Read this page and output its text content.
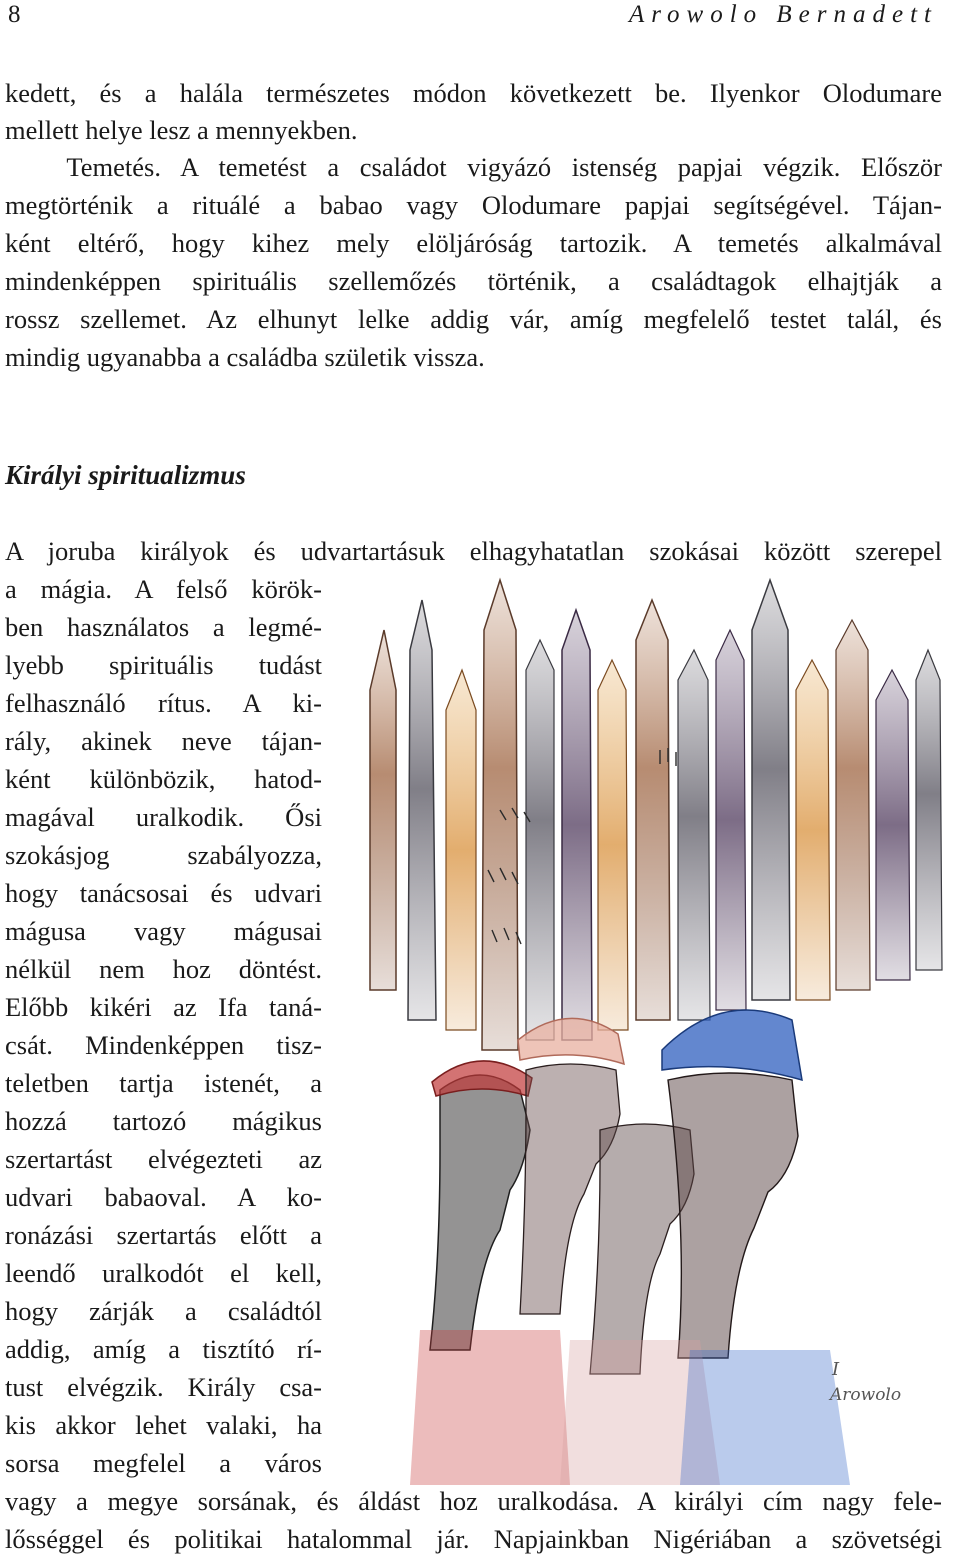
8	Arowolo Bernadett
kedett, és a halála természetes módon következett be. Ilyenkor Olodumare
mellett helye lesz a mennyekben.
Temetés. A temetést a családot vigyázó istenség papjai végzik. Először
megtörténik a rituálé a babao vagy Olodumare papjai segítségével. Tájan-
ként eltérő, hogy kihez mely elöljáróság tartozik. A temetés alkalmával
mindenképpen spirituális szellemőzés történik, a családtagok elhajtják a
rossz szellemet. Az elhunyt lelke addig vár, amíg megfelelő testet talál, és
mindig ugyanabba a családba születik vissza.
Királyi spiritualizmus
A joruba királyok és udvartartásuk elhagyhatatlan szokásai között szerepel
a mágia. A felső körök-
ben használatos a legmé-
lyebb spirituális tudást
felhasználó rítus. A ki-
rály, akinek neve tájan-
ként különbözik, hatod-
magával uralkodik. Ősi
szokásjog szabályozza,
hogy tanácsosai és udvari
mágusa vagy mágusai
nélkül nem hoz döntést.
Előbb kikéri az Ifa taná-
csát. Mindenképpen tisz-
teletben tartja istenét, a
hozzá tartozó mágikus
szertartást elvégezteti az
udvari babaoval. A ko-
ronázási szertartás előtt a
leendő uralkodót el kell,
hogy zárják a családtól
addig, amíg a tisztító rí-
tust elvégzik. Király csa-
kis akkor lehet valaki, ha
sorsa megfelel a város
vagy a megye sorsának, és áldást hoz uralkodása. A királyi cím nagy fele-
lősséggel és politikai hatalommal jár. Napjainkban Nigériában a szövetségi
I
Arowolo
